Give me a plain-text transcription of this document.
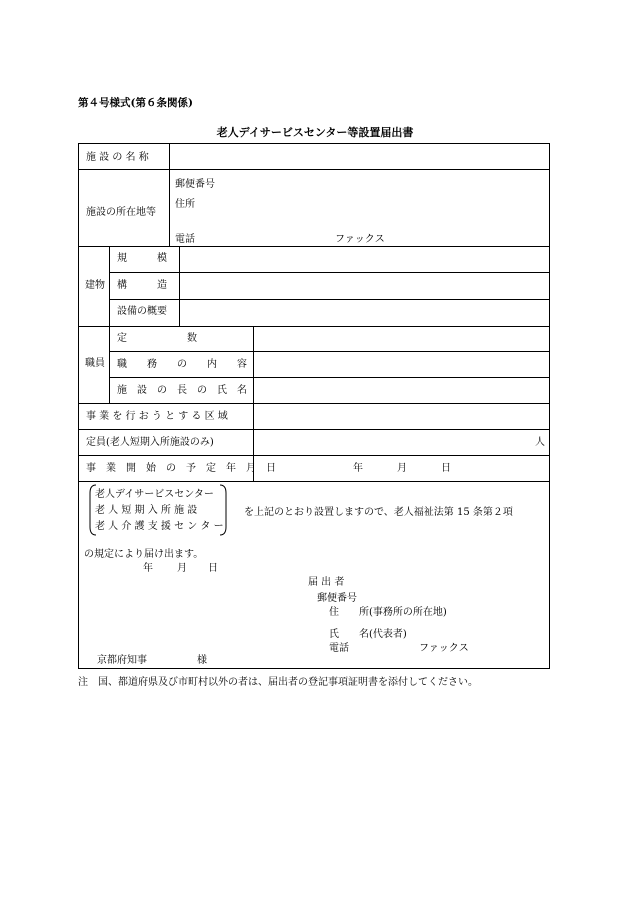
第４号様式(第６条関係)
老人デイサービスセンター等設置届出書
施 設 の 名 称
施設の所在地等
郵便番号
住所
電話	ファックス
建物
規　　　模
構　　　造
設備の概要
職員
定　　　　　　数
職　　務　　の　　内　　容
施　設　の　長　の　氏　名
事 業 を 行 お う と す る 区 域
定員(老人短期入所施設のみ)	人
事　業　開　始　の　予　定　年　月　日	年	月	日
を上記のとおり設置しますので、老人福祉法第 15 条第２項
の規定により届け出ます。
年 月 日
届 出 者
郵便番号
住　　所(事務所の所在地)
氏　　名(代表者)
電話	ファックス
京都府知事	様
老人デイサービスセンター
老 人 短 期 入 所 施 設
老 人 介 護 支 援 セ ン タ ー
注　国、都道府県及び市町村以外の者は、届出者の登記事項証明書を添付してください。
